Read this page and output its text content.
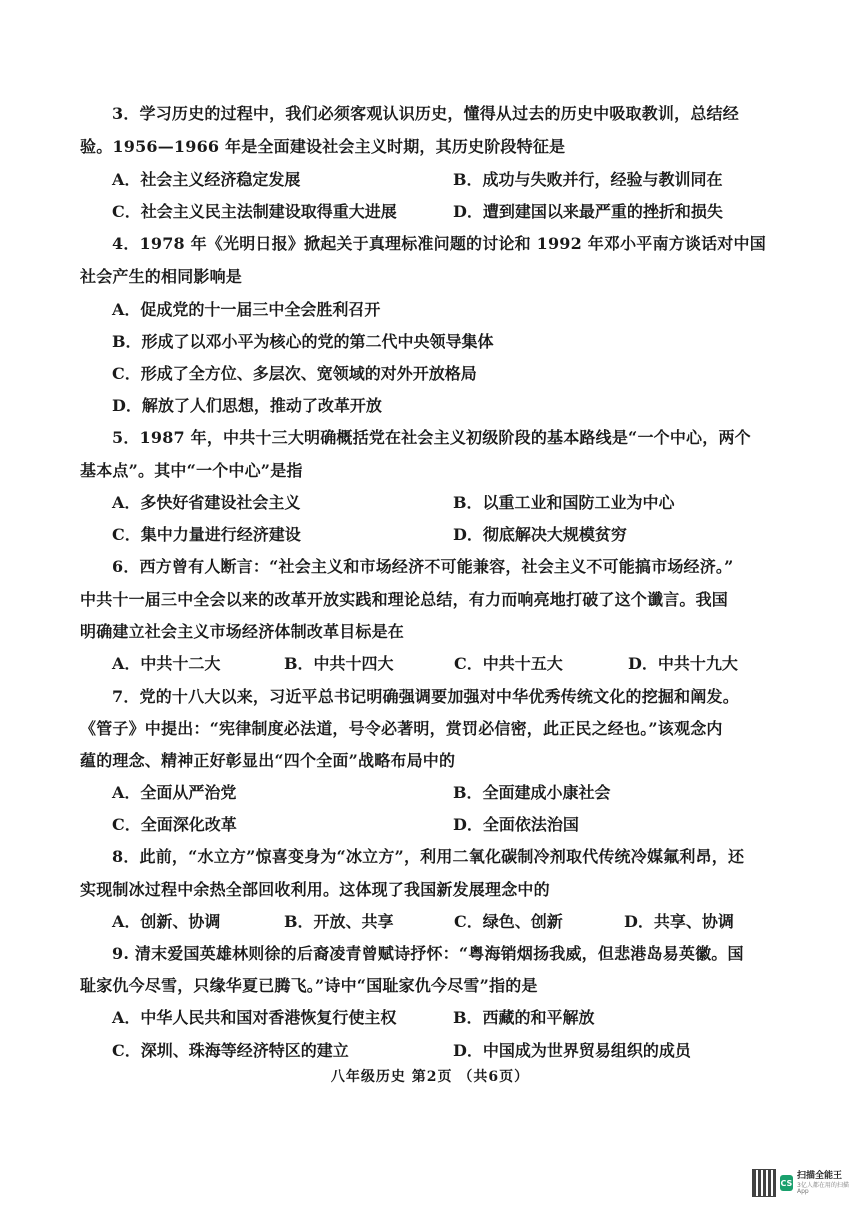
3．学习历史的过程中，我们必须客观认识历史，懂得从过去的历史中吸取教训，总结经
验。1956—1966 年是全面建设社会主义时期，其历史阶段特征是
A．社会主义经济稳定发展	B．成功与失败并行，经验与教训同在
C．社会主义民主法制建设取得重大进展	D．遭到建国以来最严重的挫折和损失
4．1978 年《光明日报》掀起关于真理标准问题的讨论和 1992 年邓小平南方谈话对中国
社会产生的相同影响是
A．促成党的十一届三中全会胜利召开
B．形成了以邓小平为核心的党的第二代中央领导集体
C．形成了全方位、多层次、宽领域的对外开放格局
D．解放了人们思想，推动了改革开放
5．1987 年，中共十三大明确概括党在社会主义初级阶段的基本路线是“一个中心，两个
基本点”。其中“一个中心”是指
A．多快好省建设社会主义	B．以重工业和国防工业为中心
C．集中力量进行经济建设	D．彻底解决大规模贫穷
6．西方曾有人断言：“社会主义和市场经济不可能兼容，社会主义不可能搞市场经济。”
中共十一届三中全会以来的改革开放实践和理论总结，有力而响亮地打破了这个谶言。我国
明确建立社会主义市场经济体制改革目标是在
A．中共十二大	B．中共十四大	C．中共十五大	D．中共十九大
7．党的十八大以来，习近平总书记明确强调要加强对中华优秀传统文化的挖掘和阐发。
《管子》中提出：“宪律制度必法道，号令必著明，赏罚必信密，此正民之经也。”该观念内
蕴的理念、精神正好彰显出“四个全面”战略布局中的
A．全面从严治党	B．全面建成小康社会
C．全面深化改革	D．全面依法治国
8．此前，“水立方”惊喜变身为“冰立方”，利用二氧化碳制冷剂取代传统冷媒氟利昂，还
实现制冰过程中余热全部回收利用。这体现了我国新发展理念中的
A．创新、协调	B．开放、共享	C．绿色、创新	D．共享、协调
9. 清末爱国英雄林则徐的后裔凌青曾赋诗抒怀：“粤海销烟扬我威，但悲港岛易英徽。国
耻家仇今尽雪，只缘华夏已腾飞。”诗中“国耻家仇今尽雪”指的是
A．中华人民共和国对香港恢复行使主权	B．西藏的和平解放
C．深圳、珠海等经济特区的建立	D．中国成为世界贸易组织的成员
八年级历史 第2页 （共6页）
CS
扫描全能王
3亿人都在用的扫描App
